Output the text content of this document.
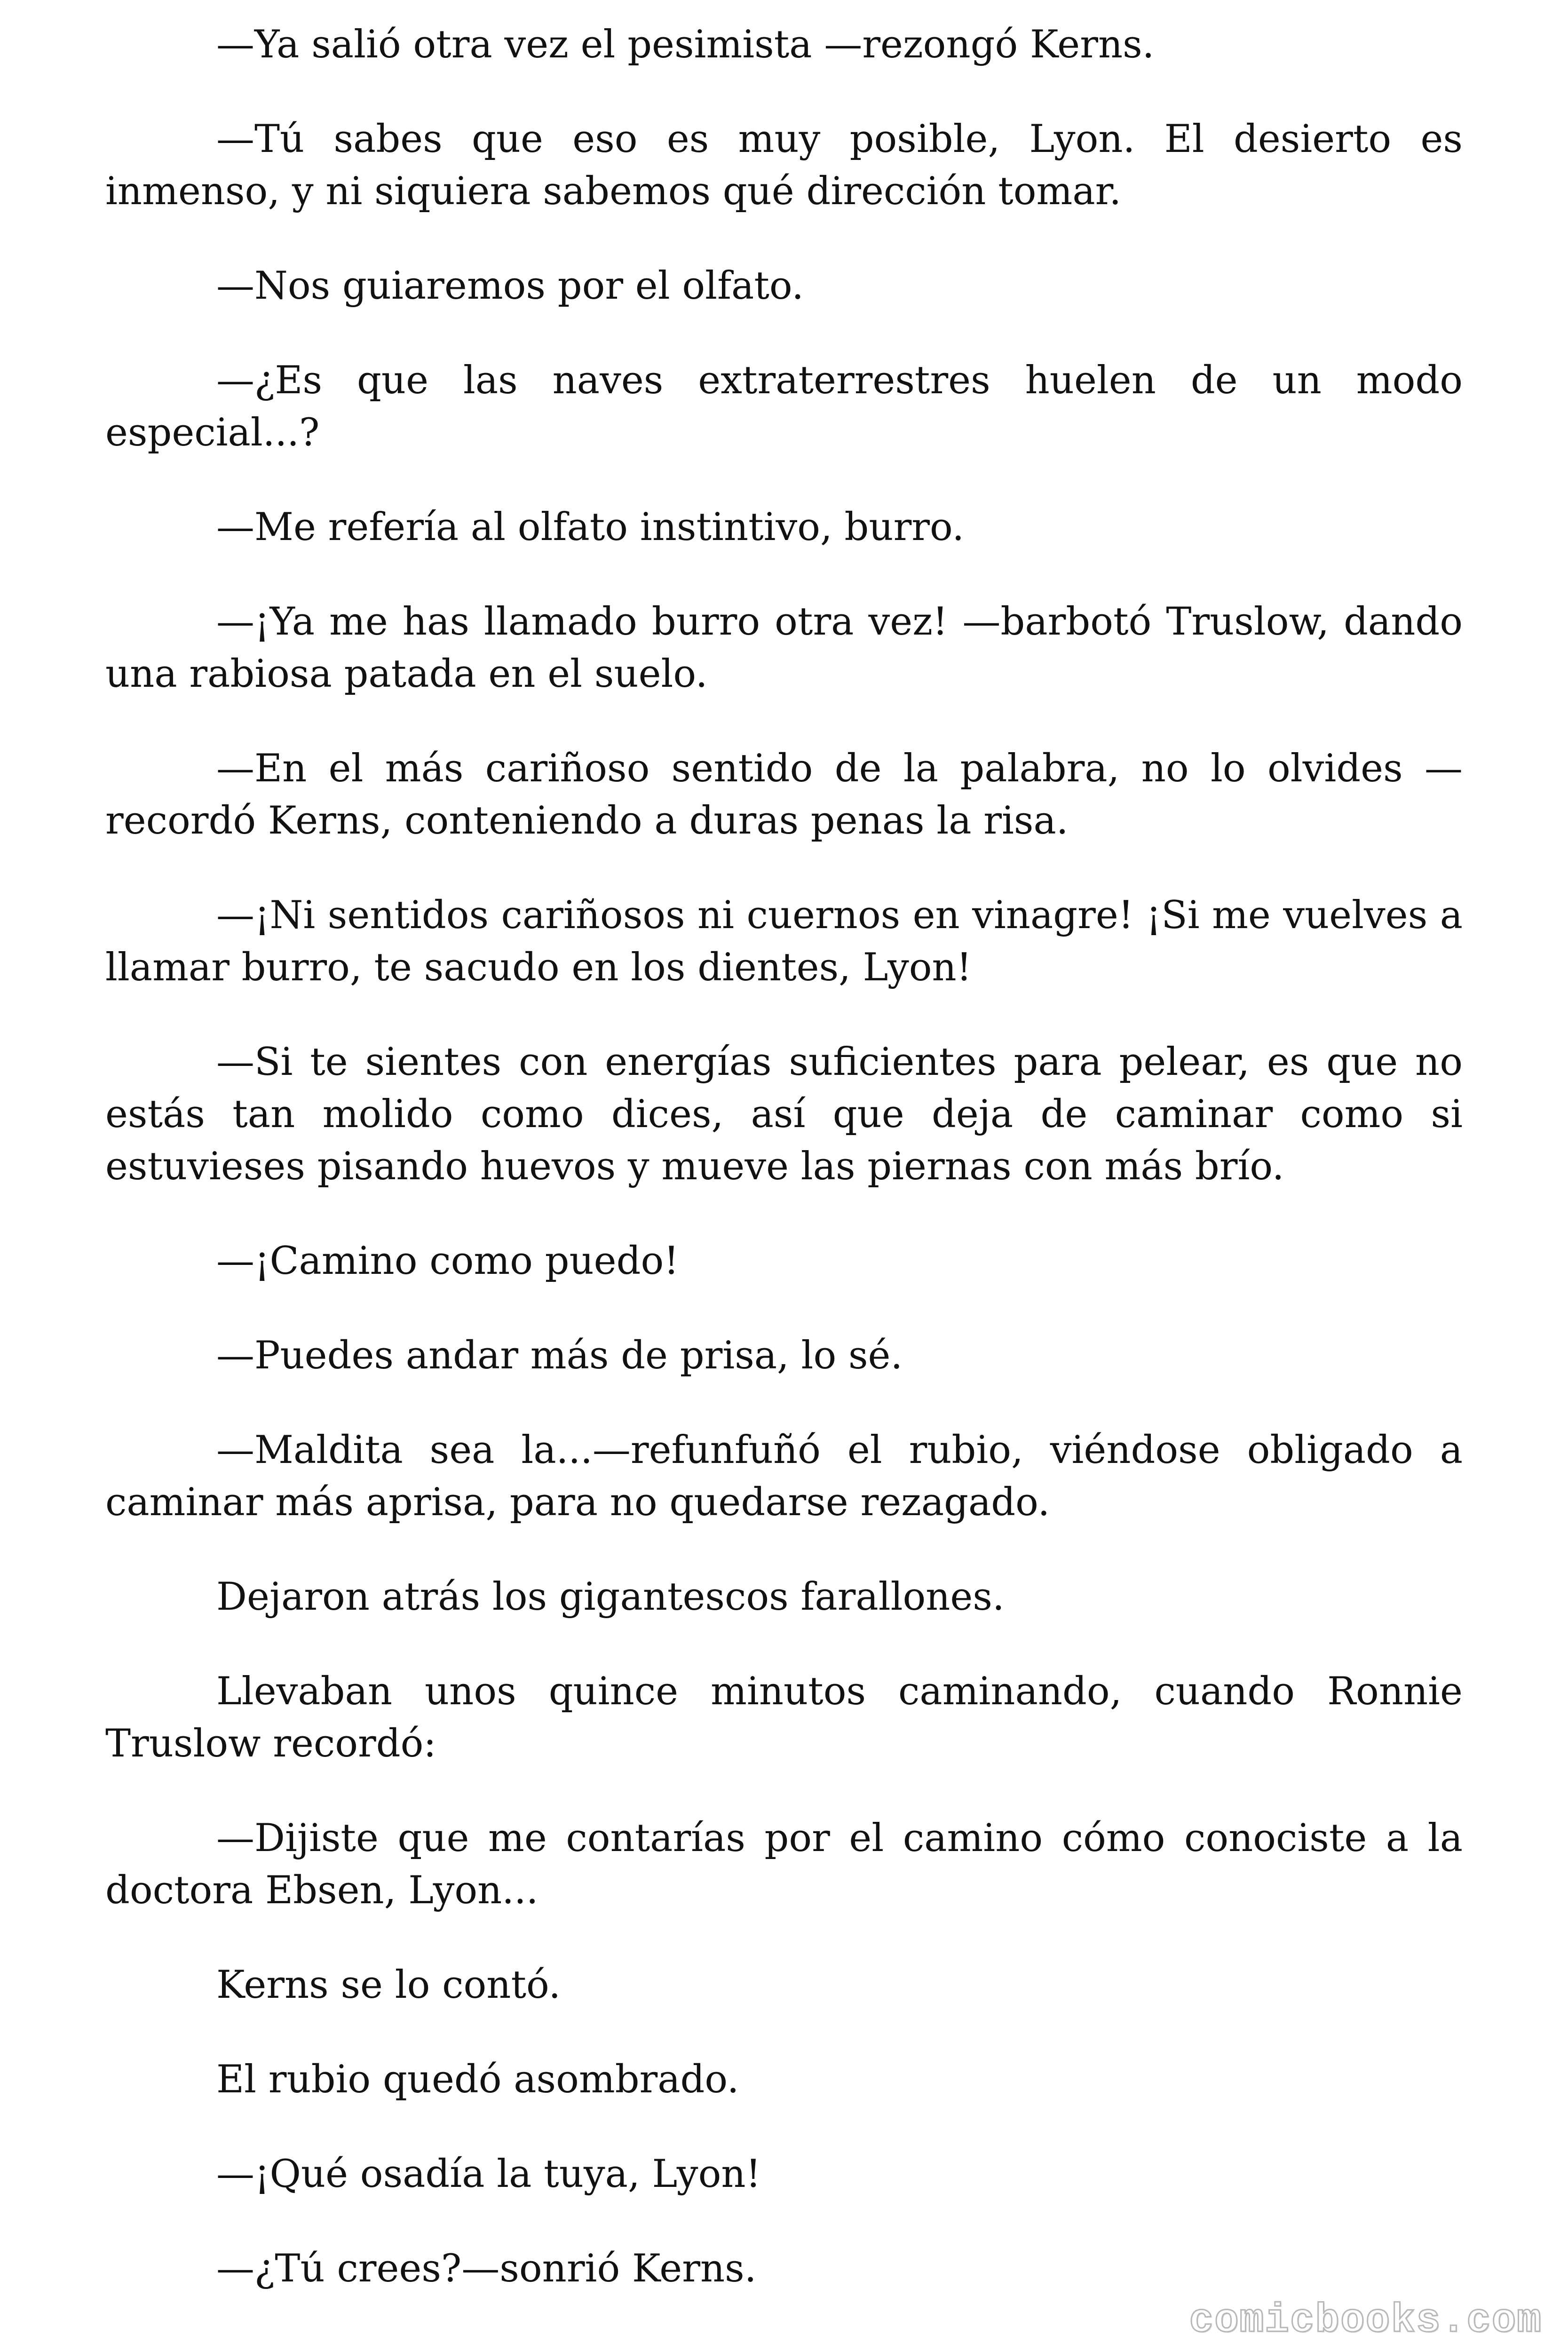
—Ya salió otra vez el pesimista —rezongó Kerns.

—Tú sabes que eso es muy posible, Lyon. El desierto es inmenso, y ni siquiera sabemos qué dirección tomar.

—Nos guiaremos por el olfato.

—¿Es que las naves extraterrestres huelen de un modo especial...?

—Me refería al olfato instintivo, burro.

—¡Ya me has llamado burro otra vez! —barbotó Truslow, dando una rabiosa patada en el suelo.

—En el más cariñoso sentido de la palabra, no lo olvides — recordó Kerns, conteniendo a duras penas la risa.

—¡Ni sentidos cariñosos ni cuernos en vinagre! ¡Si me vuelves a llamar burro, te sacudo en los dientes, Lyon!

—Si te sientes con energías suficientes para pelear, es que no estás tan molido como dices, así que deja de caminar como si estuvieses pisando huevos y mueve las piernas con más brío.

—¡Camino como puedo!

—Puedes andar más de prisa, lo sé.

—Maldita sea la...—refunfuñó el rubio, viéndose obligado a caminar más aprisa, para no quedarse rezagado.

Dejaron atrás los gigantescos farallones.

Llevaban unos quince minutos caminando, cuando Ronnie Truslow recordó:

—Dijiste que me contarías por el camino cómo conociste a la doctora Ebsen, Lyon...

Kerns se lo contó.

El rubio quedó asombrado.

—¡Qué osadía la tuya, Lyon!

—¿Tú crees?—sonrió Kerns.

comicbooks.com
